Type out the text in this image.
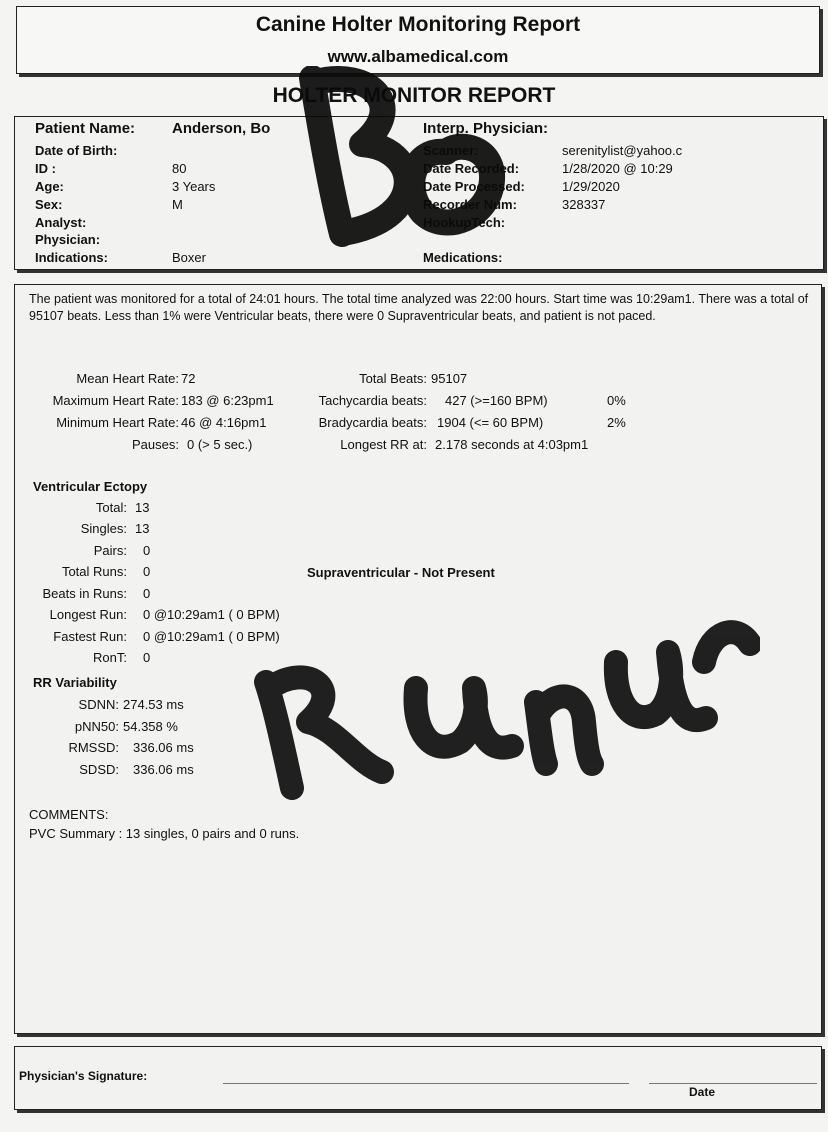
Canine Holter Monitoring Report
www.albamedical.com
HOLTER MONITOR REPORT
Patient Name: Anderson, Bo
Date of Birth:
ID :	80
Age:	3 Years
Sex:	M
Analyst:
Physician:
Indications:	Boxer
Interp. Physician:
Scanner:	serenitylist@yahoo.c
Date Recorded:	1/28/2020 @ 10:29
Date Processed:	1/29/2020
Recorder Num:	328337
HookupTech:
Medications:
The patient was monitored for a total of 24:01 hours. The total time analyzed was 22:00 hours. Start time was 10:29am1. There was a total of 95107 beats. Less than 1% were Ventricular beats, there were 0 Supraventricular beats, and patient is not paced.
Mean Heart Rate: 72
Maximum Heart Rate: 183 @ 6:23pm1
Minimum Heart Rate: 46 @ 4:16pm1
Pauses: 0 (> 5 sec.)
Total Beats: 95107
Tachycardia beats: 427 (>=160 BPM)	0%
Bradycardia beats: 1904 (<= 60 BPM)	2%
Longest RR at: 2.178 seconds at 4:03pm1
Ventricular Ectopy
Total: 13
Singles: 13
Pairs: 0
Total Runs: 0
Beats in Runs: 0
Longest Run: 0 @10:29am1 ( 0 BPM)
Fastest Run: 0 @10:29am1 ( 0 BPM)
RonT: 0
Supraventricular - Not Present
RR Variability
SDNN: 274.53 ms
pNN50: 54.358 %
RMSSD: 336.06 ms
SDSD: 336.06 ms
COMMENTS:
PVC Summary : 13 singles, 0 pairs and 0 runs.
Physician's Signature:
Date
